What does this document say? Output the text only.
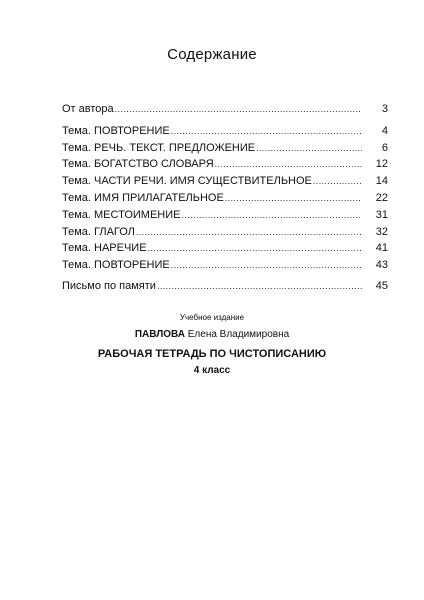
Содержание
От автора .....	3
Тема. ПОВТОРЕНИЕ .....	4
Тема. РЕЧЬ. ТЕКСТ. ПРЕДЛОЖЕНИЕ .....	6
Тема. БОГАТСТВО СЛОВАРЯ .....	12
Тема. ЧАСТИ РЕЧИ. ИМЯ СУЩЕСТВИТЕЛЬНОЕ .....	14
Тема. ИМЯ ПРИЛАГАТЕЛЬНОЕ .....	22
Тема. МЕСТОИМЕНИЕ .....	31
Тема. ГЛАГОЛ .....	32
Тема. НАРЕЧИЕ .....	41
Тема. ПОВТОРЕНИЕ .....	43
Письмо по памяти .....	45
Учебное издание
ПАВЛОВА Елена Владимировна
РАБОЧАЯ ТЕТРАДЬ ПО ЧИСТОПИСАНИЮ
4 класс
